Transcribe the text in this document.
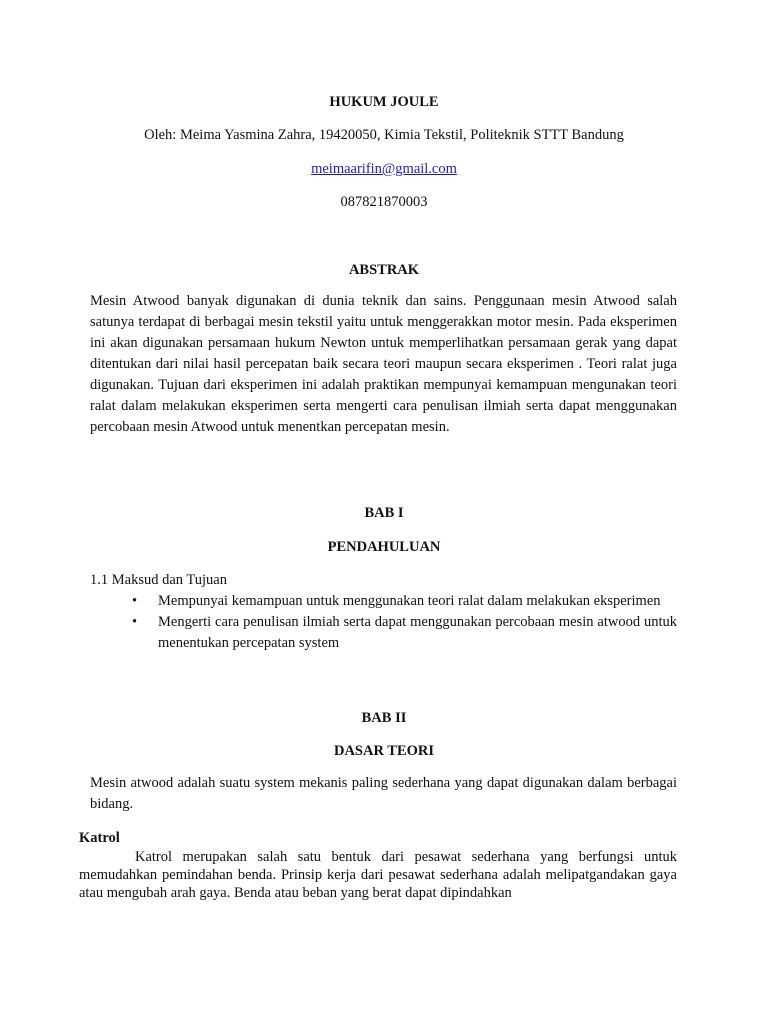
HUKUM JOULE
Oleh: Meima Yasmina Zahra, 19420050, Kimia Tekstil, Politeknik STTT Bandung
meimaarifin@gmail.com
087821870003
ABSTRAK
Mesin Atwood banyak digunakan di dunia teknik dan sains. Penggunaan mesin Atwood salah satunya terdapat di berbagai mesin tekstil yaitu untuk menggerakkan motor mesin. Pada eksperimen ini akan digunakan persamaan hukum Newton untuk memperlihatkan persamaan gerak yang dapat ditentukan dari nilai hasil percepatan baik secara teori maupun secara eksperimen . Teori ralat juga digunakan. Tujuan dari eksperimen ini adalah praktikan mempunyai kemampuan mengunakan teori ralat dalam melakukan eksperimen serta mengerti cara penulisan ilmiah serta dapat menggunakan percobaan mesin Atwood untuk menentkan percepatan mesin.
BAB I
PENDAHULUAN
1.1 Maksud dan Tujuan
•	Mempunyai kemampuan untuk menggunakan teori ralat dalam melakukan eksperimen
•	Mengerti cara penulisan ilmiah serta dapat menggunakan percobaan mesin atwood untuk menentukan percepatan system
BAB II
DASAR TEORI
Mesin atwood adalah suatu system mekanis paling sederhana yang dapat digunakan dalam berbagai bidang.
Katrol
Katrol merupakan salah satu bentuk dari pesawat sederhana yang berfungsi untuk memudahkan pemindahan benda. Prinsip kerja dari pesawat sederhana adalah melipatgandakan gaya atau mengubah arah gaya. Benda atau beban yang berat dapat dipindahkan
